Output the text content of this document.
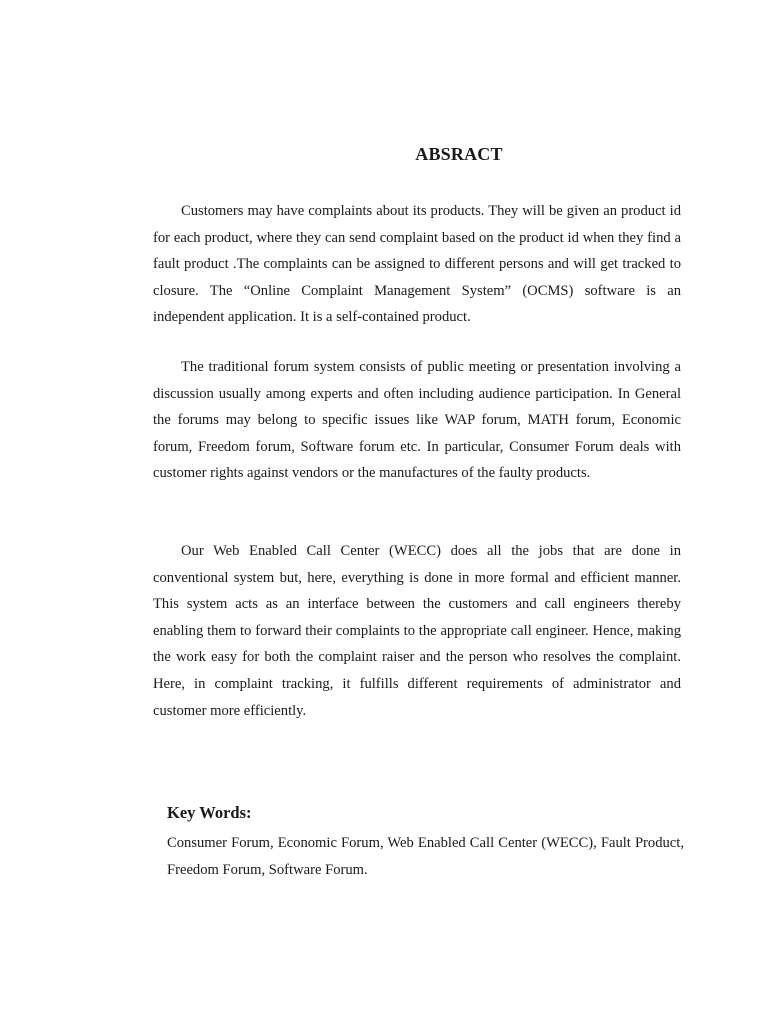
ABSRACT

Customers may have complaints about its products. They will be given an product id for each product, where they can send complaint based on the product id when they find a fault product .The complaints can be assigned to different persons and will get tracked to closure. The “Online Complaint Management System” (OCMS) software is an independent application. It is a self-contained product.

The traditional forum system consists of public meeting or presentation involving a discussion usually among experts and often including audience participation. In General the forums may belong to specific issues like WAP forum, MATH forum, Economic forum, Freedom forum, Software forum etc. In particular, Consumer Forum deals with customer rights against vendors or the manufactures of the faulty products.

Our Web Enabled Call Center (WECC) does all the jobs that are done in conventional system but, here, everything is done in more formal and efficient manner. This system acts as an interface between the customers and call engineers thereby enabling them to forward their complaints to the appropriate call engineer. Hence, making the work easy for both the complaint raiser and the person who resolves the complaint. Here, in complaint tracking, it fulfills different requirements of administrator and customer more efficiently.

Key Words:

Consumer Forum, Economic Forum, Web Enabled Call Center (WECC), Fault Product, Freedom Forum, Software Forum.
